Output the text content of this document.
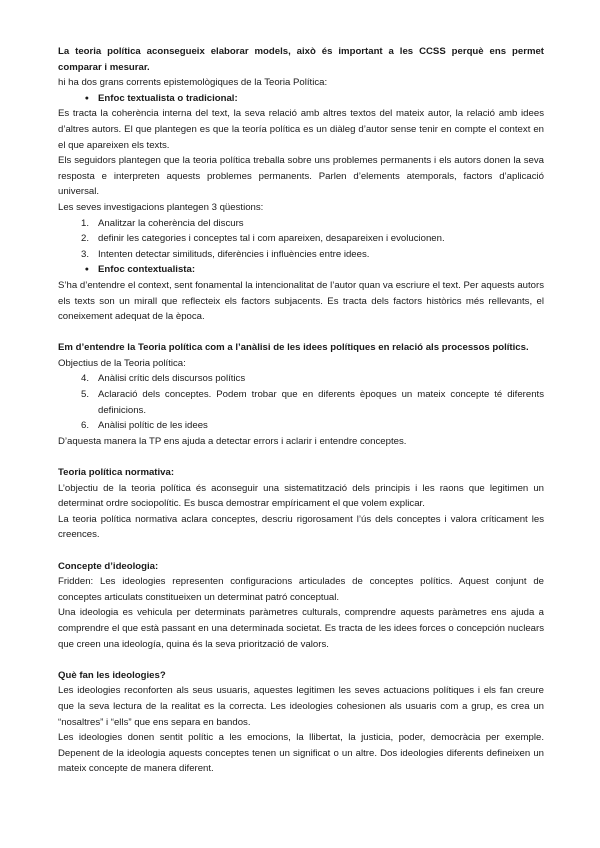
La teoria política aconsegueix elaborar models, això és important a les CCSS perquè ens permet comparar i mesurar.

hi ha dos grans corrents epistemològiques de la Teoria Política:

● Enfoc textualista o tradicional:

Es tracta la coherència interna del text, la seva relació amb altres textos del mateix autor, la relació amb idees d’altres autors. El que plantegen es que la teoría política es un diàleg d’autor sense tenir en compte el context en el que apareixen els texts.

Els seguidors plantegen que la teoria política treballa sobre uns problemes permanents i els autors donen la seva resposta e interpreten aquests problemes permanents. Parlen d’elements atemporals, factors d’aplicació universal.

Les seves investigacions plantegen 3 qüestions:

1. Analitzar la coherència del discurs
2. definir les categories i conceptes tal i com apareixen, desapareixen i evolucionen.
3. Intenten detectar similituds, diferències i influències entre idees.
● Enfoc contextualista:

S’ha d’entendre el context, sent fonamental la intencionalitat de l’autor quan va escriure el text. Per aquests autors els texts son un mirall que reflecteix els factors subjacents. Es tracta dels factors històrics més rellevants, el coneixement adequat de la època.

Em d’entendre la Teoria política com a l’anàlisi de les idees polítiques en relació als processos polítics.

Objectius de la Teoria política:

4. Anàlisi crític dels discursos polítics
5. Aclaració dels conceptes. Podem trobar que en diferents èpoques un mateix concepte té diferents definicions.
6. Anàlisi polític de les idees

D’aquesta manera la TP ens ajuda a detectar errors i aclarir i entendre conceptes.

Teoria política normativa:

L’objectiu de la teoria política és aconseguir una sistematització dels principis i les raons que legitimen un determinat ordre sociopolític. Es busca demostrar empíricament el que volem explicar.

La teoria política normativa aclara conceptes, descriu rigorosament l’ús dels conceptes i valora críticament les creences.

Concepte d’ideologia:

Fridden: Les ideologies representen configuracions articulades de conceptes polítics. Aquest conjunt de conceptes articulats constitueixen un determinat patró conceptual.

Una ideologia es vehicula per determinats paràmetres culturals, comprendre aquests paràmetres ens ajuda a comprendre el que està passant en una determinada societat. Es tracta de les idees forces o concepción nuclears que creen una ideología, quina és la seva priorització de valors.

Què fan les ideologies?

Les ideologies reconforten als seus usuaris, aquestes legitimen les seves actuacions polítiques i els fan creure que la seva lectura de la realitat es la correcta. Les ideologies cohesionen als usuaris com a grup, es crea un “nosaltres” i “ells” que ens separa en bandos.

Les ideologies donen sentit polític a les emocions, la llibertat, la justicia, poder, democràcia per exemple. Depenent de la ideologia aquests conceptes tenen un significat o un altre. Dos ideologies diferents defineixen un mateix concepte de manera diferent.
